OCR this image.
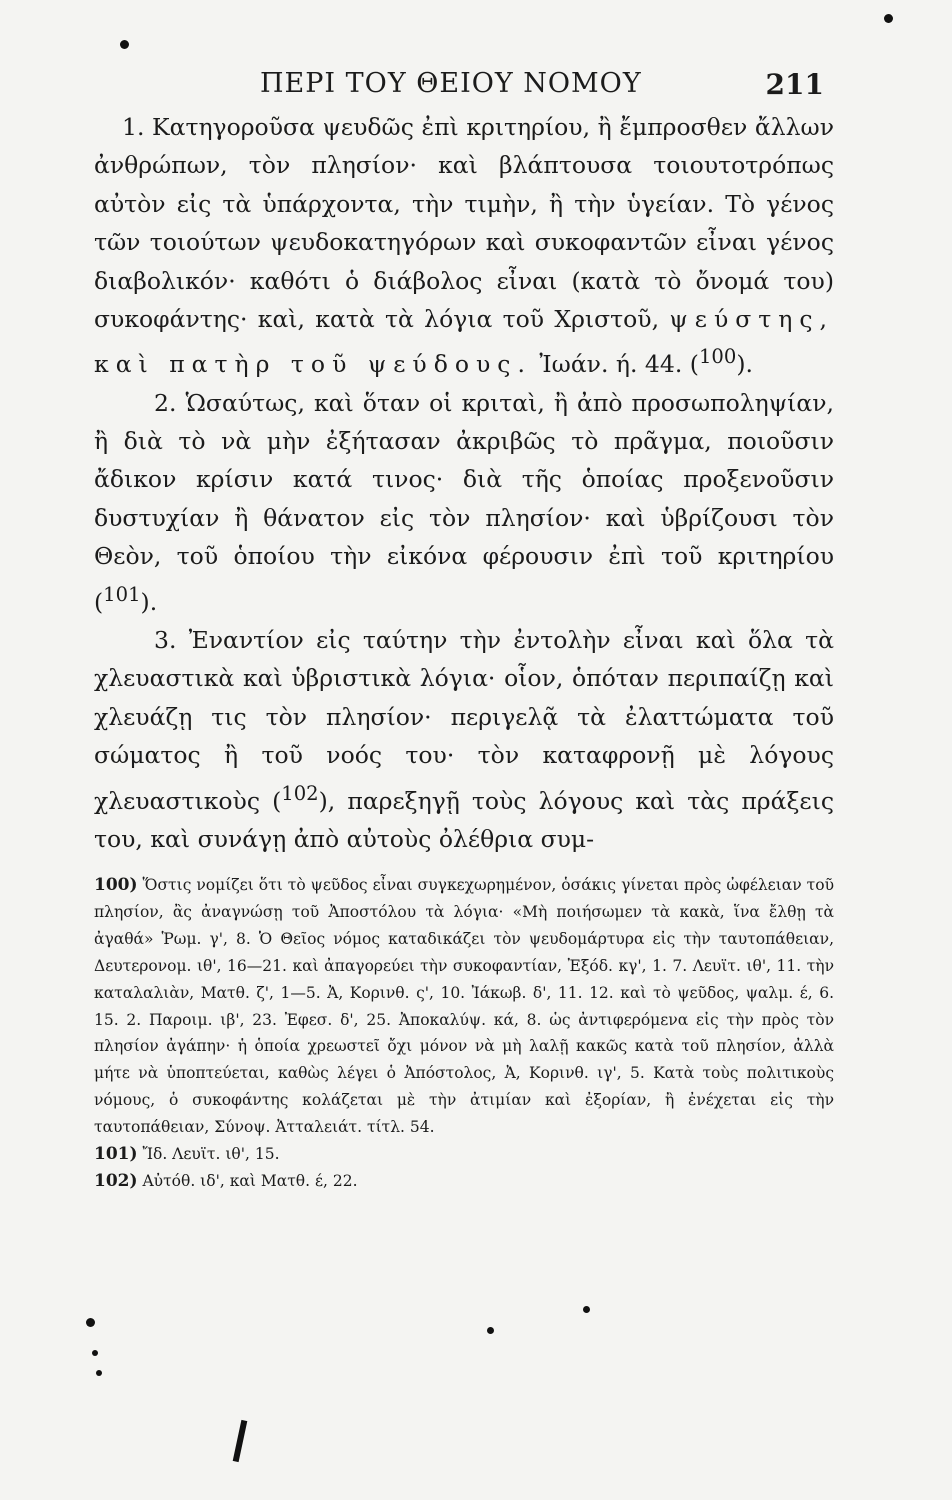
ΠΕΡΙ ΤΟΥ ΘΕΙΟΥ ΝΟΜΟΥ	211

1. Κατηγοροῦσα ψευδῶς ἐπὶ κριτηρίου, ἢ ἔμπροσθεν ἄλλων ἀνθρώπων, τὸν πλησίον· καὶ βλάπτουσα τοιουτοτρόπως αὐτὸν εἰς τὰ ὑπάρχοντα, τὴν τιμὴν, ἢ τὴν ὑγείαν. Τὸ γένος τῶν τοιούτων ψευδοκατηγόρων καὶ συκοφαντῶν εἶναι γένος διαβολικόν· καθότι ὁ διάβολος εἶναι (κατὰ τὸ ὄνομά του) συκοφάντης· καὶ, κατὰ τὰ λόγια τοῦ Χριστοῦ, ψεύστης, καὶ πατὴρ τοῦ ψεύδους. Ἰωάν. ή. 44. ($^{100}$).

2. Ὡσαύτως, καὶ ὅταν οἱ κριταὶ, ἢ ἀπὸ προσωποληψίαν, ἢ διὰ τὸ νὰ μὴν ἐξήτασαν ἀκριβῶς τὸ πρᾶγμα, ποιοῦσιν ἄδικον κρίσιν κατά τινος· διὰ τῆς ὁποίας προξενοῦσιν δυστυχίαν ἢ θάνατον εἰς τὸν πλησίον· καὶ ὑβρίζουσι τὸν Θεὸν, τοῦ ὁποίου τὴν εἰκόνα φέρουσιν ἐπὶ τοῦ κριτηρίου ($^{101}$).

3. Ἐναντίον εἰς ταύτην τὴν ἐντολὴν εἶναι καὶ ὅλα τὰ χλευαστικὰ καὶ ὑβριστικὰ λόγια· οἷον, ὁπόταν περιπαίζῃ καὶ χλευάζῃ τις τὸν πλησίον· περιγελᾷ τὰ ἐλαττώματα τοῦ σώματος ἢ τοῦ νοός του· τὸν καταφρονῇ μὲ λόγους χλευαστικοὺς ($^{102}$), παρεξηγῇ τοὺς λόγους καὶ τὰς πράξεις του, καὶ συνάγῃ ἀπὸ αὐτοὺς ὀλέθρια συμ-

100) Ὅστις νομίζει ὅτι τὸ ψεῦδος εἶναι συγκεχωρημένον, ὁσάκις γίνεται πρὸς ὠφέλειαν τοῦ πλησίον, ἂς ἀναγνώσῃ τοῦ Ἀποστόλου τὰ λόγια· «Μὴ ποιήσωμεν τὰ κακὰ, ἵνα ἔλθῃ τὰ ἀγαθά» Ῥωμ. γ', 8. Ὁ Θεῖος νόμος καταδικάζει τὸν ψευδομάρτυρα εἰς τὴν ταυτοπάθειαν, Δευτερονομ. ιθ', 16—21. καὶ ἀπαγορεύει τὴν συκοφαντίαν, Ἐξόδ. κγ', 1. 7. Λευϊτ. ιθ', 11. τὴν καταλαλιὰν, Ματθ. ζ', 1—5. Ἀ, Κορινθ. ς', 10. Ἰάκωβ. δ', 11. 12. καὶ τὸ ψεῦδος, ψαλμ. έ, 6. 15. 2. Παροιμ. ιβ', 23. Ἐφεσ. δ', 25. Ἀποκαλύψ. κά, 8. ὡς ἀντιφερόμενα εἰς τὴν πρὸς τὸν πλησίον ἀγάπην· ἡ ὁποία χρεωστεῖ ὄχι μόνον νὰ μὴ λαλῇ κακῶς κατὰ τοῦ πλησίον, ἀλλὰ μήτε νὰ ὑποπτεύεται, καθὼς λέγει ὁ Ἀπόστολος, Ἀ, Κορινθ. ιγ', 5. Κατὰ τοὺς πολιτικοὺς νόμους, ὁ συκοφάντης κολάζεται μὲ τὴν ἀτιμίαν καὶ ἐξορίαν, ἢ ἐνέχεται εἰς τὴν ταυτοπάθειαν, Σύνοψ. Ἀτταλειάτ. τίτλ. 54.

101) Ἴδ. Λευϊτ. ιθ', 15.

102) Αὐτόθ. ιδ', καὶ Ματθ. έ, 22.
